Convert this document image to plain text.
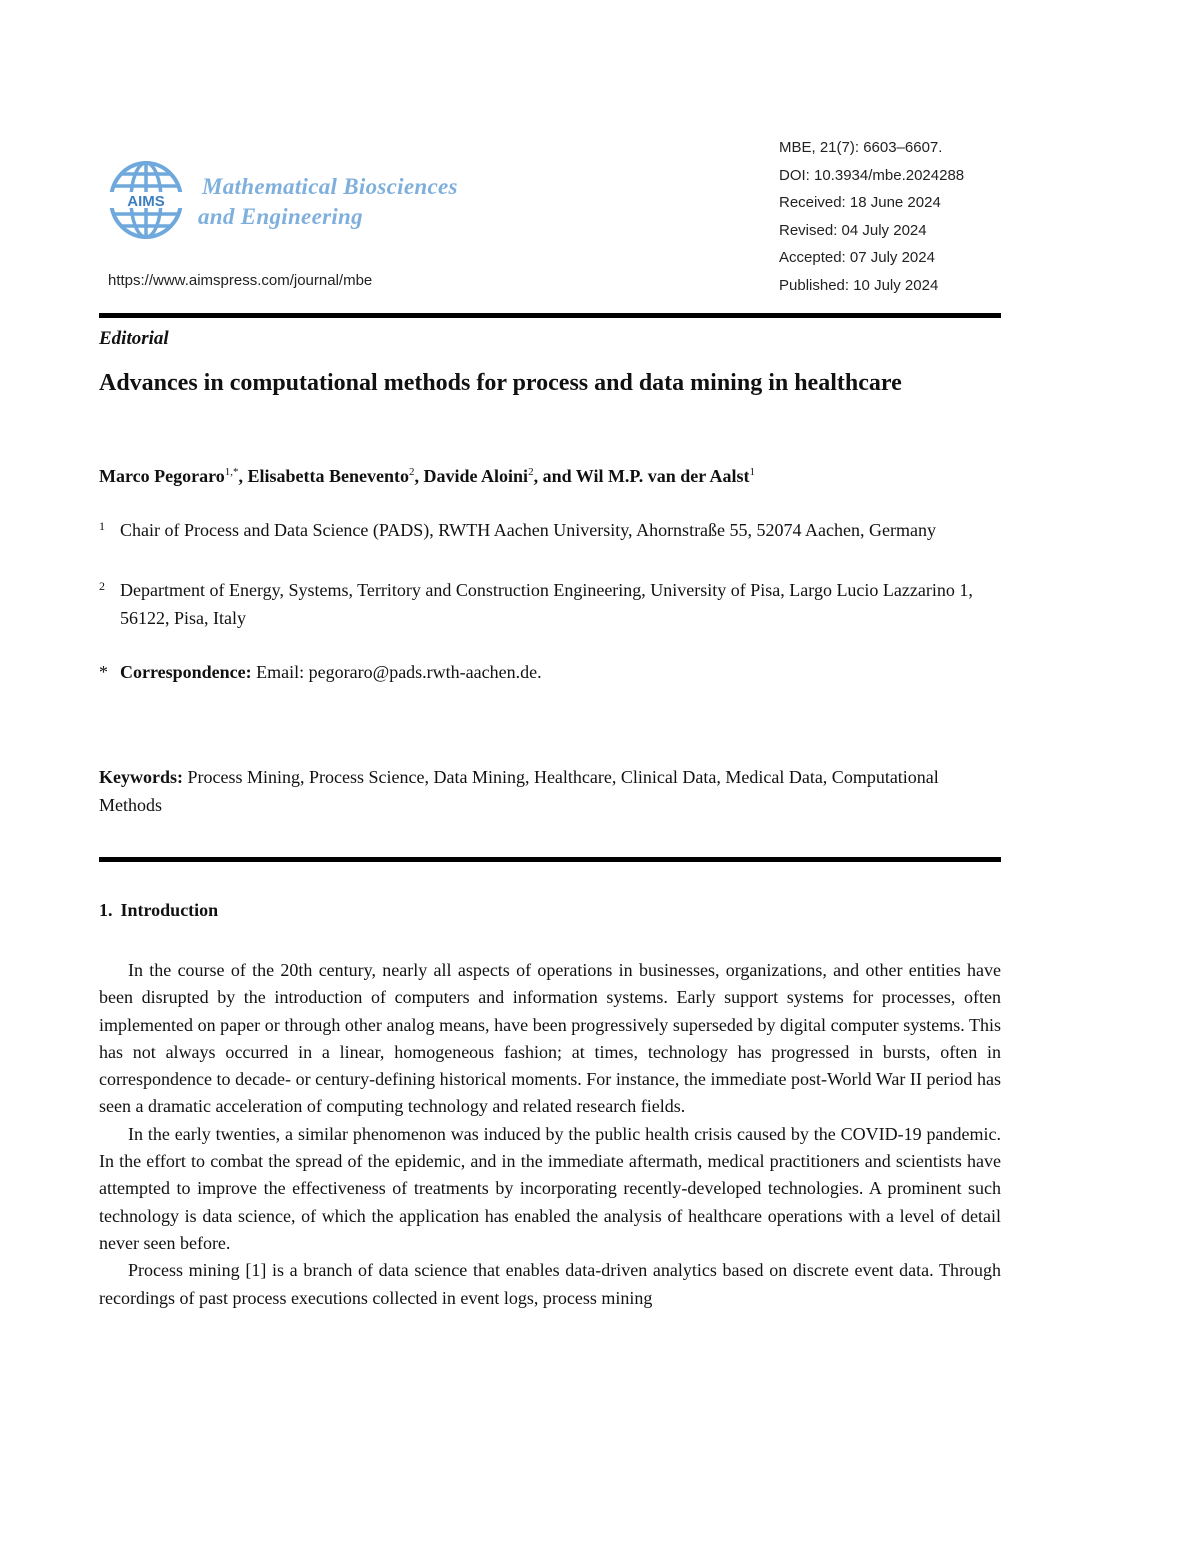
AIMS
Mathematical Biosciences
and Engineering
https://www.aimspress.com/journal/mbe
MBE, 21(7): 6603–6607.
DOI: 10.3934/mbe.2024288
Received: 18 June 2024
Revised: 04 July 2024
Accepted: 07 July 2024
Published: 10 July 2024
Editorial
Advances in computational methods for process and data mining in healthcare
Marco Pegoraro$^{1,*}$, Elisabetta Benevento$^2$, Davide Aloini$^2$, and Wil M.P. van der Aalst$^1$
1 Chair of Process and Data Science (PADS), RWTH Aachen University, Ahornstraße 55, 52074 Aachen, Germany
2 Department of Energy, Systems, Territory and Construction Engineering, University of Pisa, Largo Lucio Lazzarino 1, 56122, Pisa, Italy
* Correspondence: Email: pegoraro@pads.rwth-aachen.de.
Keywords: Process Mining, Process Science, Data Mining, Healthcare, Clinical Data, Medical Data, Computational Methods
1. Introduction

In the course of the 20th century, nearly all aspects of operations in businesses, organizations, and other entities have been disrupted by the introduction of computers and information systems. Early support systems for processes, often implemented on paper or through other analog means, have been progressively superseded by digital computer systems. This has not always occurred in a linear, homogeneous fashion; at times, technology has progressed in bursts, often in correspondence to decade- or century-defining historical moments. For instance, the immediate post-World War II period has seen a dramatic acceleration of computing technology and related research fields.

In the early twenties, a similar phenomenon was induced by the public health crisis caused by the COVID-19 pandemic. In the effort to combat the spread of the epidemic, and in the immediate aftermath, medical practitioners and scientists have attempted to improve the effectiveness of treatments by incorporating recently-developed technologies. A prominent such technology is data science, of which the application has enabled the analysis of healthcare operations with a level of detail never seen before.

Process mining [1] is a branch of data science that enables data-driven analytics based on discrete event data. Through recordings of past process executions collected in event logs, process mining
